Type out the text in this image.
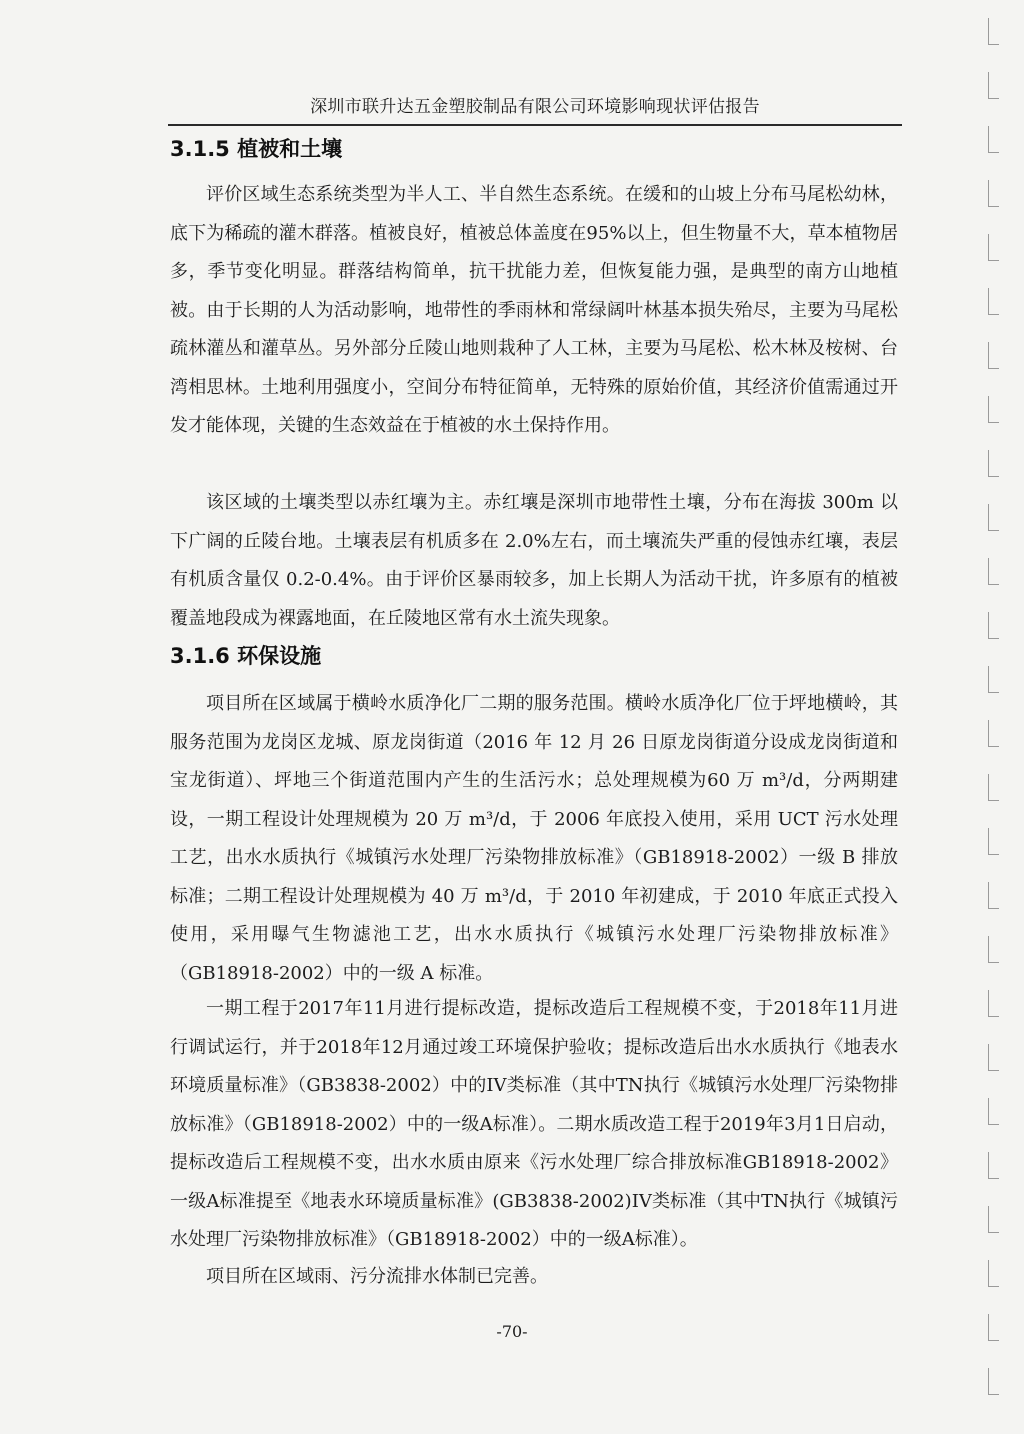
深圳市联升达五金塑胶制品有限公司环境影响现状评估报告
3.1.5 植被和土壤

评价区域生态系统类型为半人工、半自然生态系统。在缓和的山坡上分布马尾松幼林，底下为稀疏的灌木群落。植被良好，植被总体盖度在95%以上，但生物量不大，草本植物居多，季节变化明显。群落结构简单，抗干扰能力差，但恢复能力强，是典型的南方山地植被。由于长期的人为活动影响，地带性的季雨林和常绿阔叶林基本损失殆尽，主要为马尾松疏林灌丛和灌草丛。另外部分丘陵山地则栽种了人工林，主要为马尾松、松木林及桉树、台湾相思林。土地利用强度小，空间分布特征简单，无特殊的原始价值，其经济价值需通过开发才能体现，关键的生态效益在于植被的水土保持作用。

该区域的土壤类型以赤红壤为主。赤红壤是深圳市地带性土壤，分布在海拔 300m 以下广阔的丘陵台地。土壤表层有机质多在 2.0%左右，而土壤流失严重的侵蚀赤红壤，表层有机质含量仅 0.2-0.4%。由于评价区暴雨较多，加上长期人为活动干扰，许多原有的植被覆盖地段成为裸露地面，在丘陵地区常有水土流失现象。

3.1.6 环保设施

项目所在区域属于横岭水质净化厂二期的服务范围。横岭水质净化厂位于坪地横岭，其服务范围为龙岗区龙城、原龙岗街道（2016 年 12 月 26 日原龙岗街道分设成龙岗街道和宝龙街道）、坪地三个街道范围内产生的生活污水；总处理规模为60 万 m³/d，分两期建设，一期工程设计处理规模为 20 万 m³/d，于 2006 年底投入使用，采用 UCT 污水处理工艺，出水水质执行《城镇污水处理厂污染物排放标准》（GB18918-2002）一级 B 排放标准；二期工程设计处理规模为 40 万 m³/d，于 2010 年初建成，于 2010 年底正式投入使用，采用曝气生物滤池工艺，出水水质执行《城镇污水处理厂污染物排放标准》（GB18918-2002）中的一级 A 标准。

一期工程于2017年11月进行提标改造，提标改造后工程规模不变，于2018年11月进行调试运行，并于2018年12月通过竣工环境保护验收；提标改造后出水水质执行《地表水环境质量标准》（GB3838-2002）中的IV类标准（其中TN执行《城镇污水处理厂污染物排放标准》（GB18918-2002）中的一级A标准）。二期水质改造工程于2019年3月1日启动，提标改造后工程规模不变，出水水质由原来《污水处理厂综合排放标准GB18918-2002》一级A标准提至《地表水环境质量标准》(GB3838-2002)IV类标准（其中TN执行《城镇污水处理厂污染物排放标准》（GB18918-2002）中的一级A标准）。

项目所在区域雨、污分流排水体制已完善。

-70-
